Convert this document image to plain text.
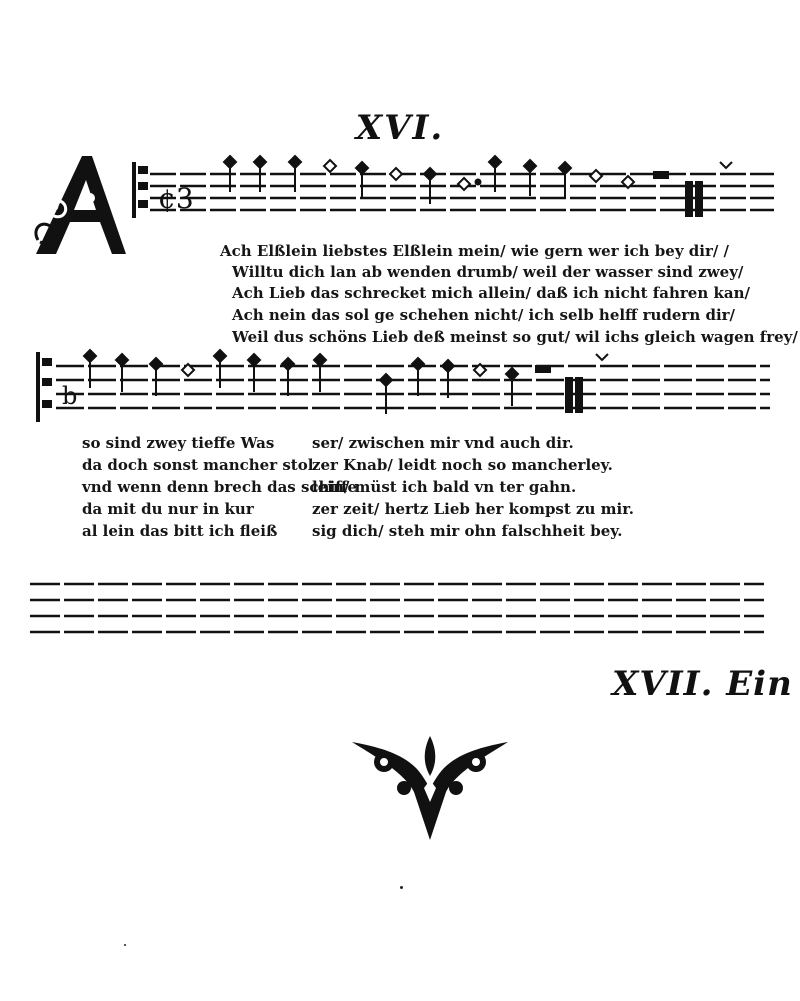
XVI.
¢3
Ach Elßlein liebstes Elßlein mein/ wie gern wer ich bey dir/ /
Willtu dich lan ab wenden drumb/ weil der wasser sind zwey/
Ach Lieb das schrecket mich allein/ daß ich nicht fahren kan/
Ach nein das sol ge schehen nicht/ ich selb helff rudern dir/
Weil dus schöns Lieb deß meinst so gut/ wil ichs gleich wagen frey/
b
so sind zwey tieffe Was
da doch sonst mancher stol
vnd wenn denn brech das schiffe
da mit du nur in kur
al lein das bitt ich fleiß
ser/ zwischen mir vnd auch dir.
zer Knab/ leidt noch so mancherley.
lein/ müst ich bald vn ter gahn.
zer zeit/ hertz Lieb her kompst zu mir.
sig dich/ steh mir ohn falschheit bey.
XVII. Ein
